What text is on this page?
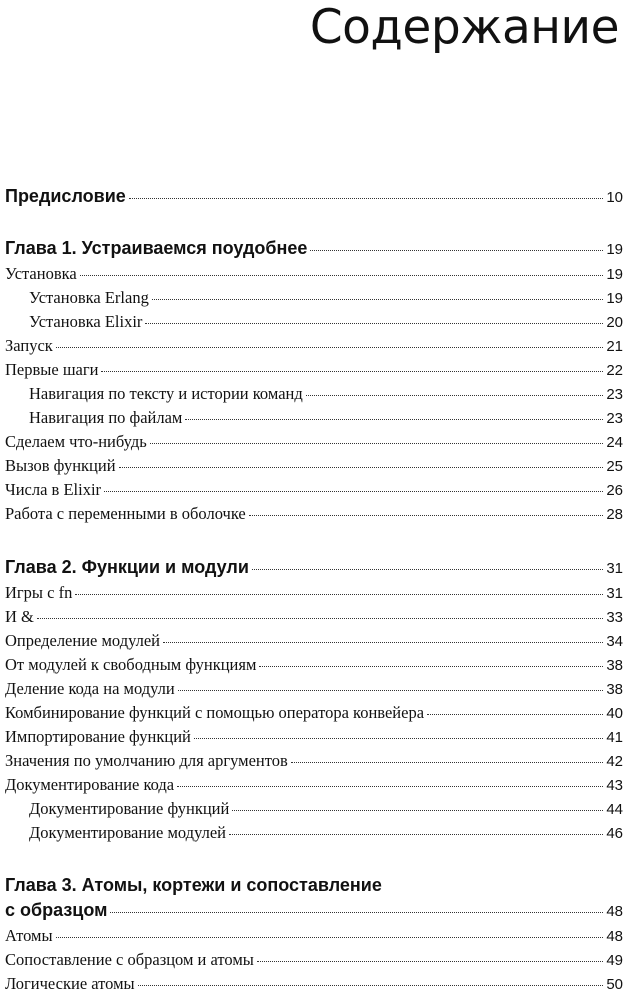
Содержание
Предисловие	10
Глава 1. Устраиваемся поудобнее	19
Установка	19
Установка Erlang	19
Установка Elixir	20
Запуск	21
Первые шаги	22
Навигация по тексту и истории команд	23
Навигация по файлам	23
Сделаем что-нибудь	24
Вызов функций	25
Числа в Elixir	26
Работа с переменными в оболочке	28
Глава 2. Функции и модули	31
Игры с fn	31
И &	33
Определение модулей	34
От модулей к свободным функциям	38
Деление кода на модули	38
Комбинирование функций с помощью оператора конвейера	40
Импортирование функций	41
Значения по умолчанию для аргументов	42
Документирование кода	43
Документирование функций	44
Документирование модулей	46
Глава 3. Атомы, кортежи и сопоставление
с образцом	48
Атомы	48
Сопоставление с образцом и атомы	49
Логические атомы	50
